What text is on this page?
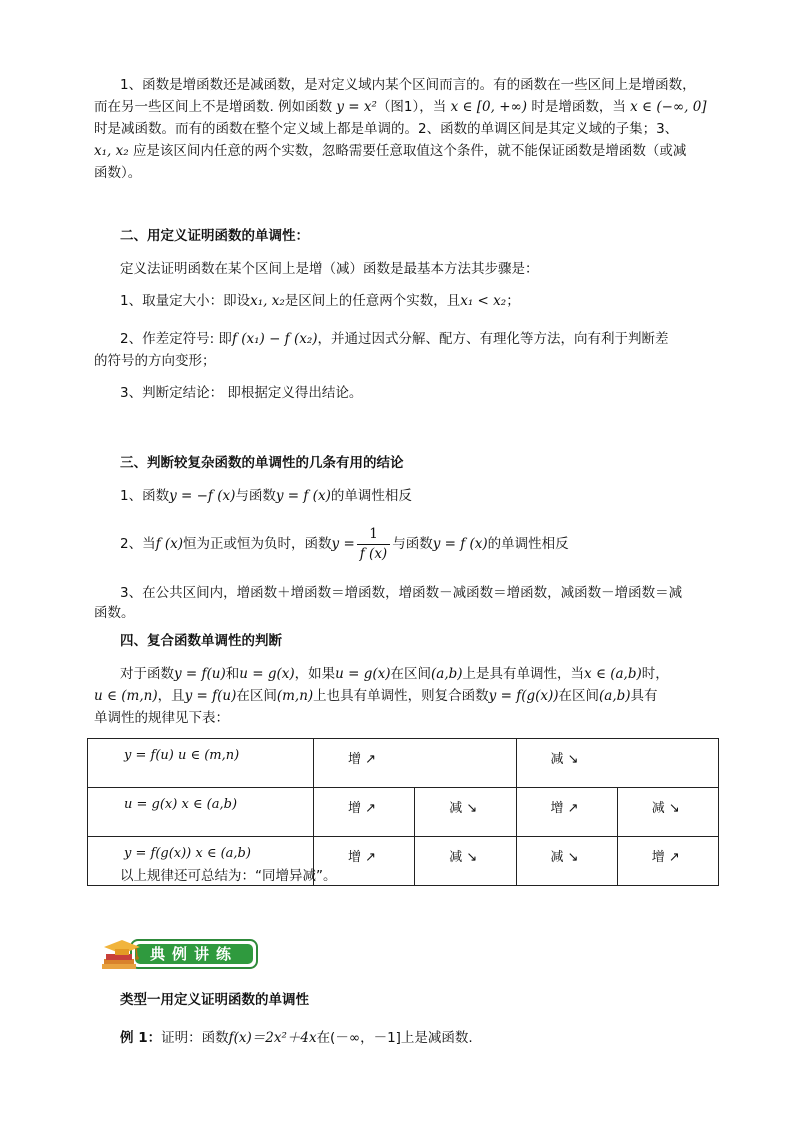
1、函数是增函数还是减函数，是对定义域内某个区间而言的。有的函数在一些区间上是增函数，

而在另一些区间上不是增函数. 例如函数 y = x²（图1），当 x ∈ [0, +∞) 时是增函数，当 x ∈ (−∞, 0]

时是减函数。而有的函数在整个定义域上都是单调的。2、函数的单调区间是其定义域的子集；3、

x₁, x₂ 应是该区间内任意的两个实数，忽略需要任意取值这个条件，就不能保证函数是增函数（或减

函数）。

二、用定义证明函数的单调性：

定义法证明函数在某个区间上是增（减）函数是最基本方法其步骤是：

1、取量定大小：即设x₁, x₂是区间上的任意两个实数，且x₁ < x₂；

2、作差定符号: 即f (x₁) − f (x₂)，并通过因式分解、配方、有理化等方法，向有利于判断差

的符号的方向变形；

3、判断定结论： 即根据定义得出结论。

三、判断较复杂函数的单调性的几条有用的结论

1、函数y = −f (x)与函数y = f (x)的单调性相反

2、当f (x)恒为正或恒为负时，函数$y = \frac{1}{f (x)}$ 与函数y = f (x)的单调性相反

3、在公共区间内，增函数＋增函数＝增函数，增函数－减函数＝增函数，减函数－增函数＝减

函数。

四、复合函数单调性的判断

对于函数y = f(u)和u = g(x)，如果u = g(x)在区间(a,b)上是具有单调性，当x ∈ (a,b)时，

u ∈ (m,n)，且y = f(u)在区间(m,n)上也具有单调性，则复合函数y = f(g(x))在区间(a,b)具有

单调性的规律见下表：

y = f(u) u ∈ (m,n)	增 ↗		减 ↘	
u = g(x) x ∈ (a,b)	增 ↗	减 ↘	增 ↗	减 ↘
y = f(g(x)) x ∈ (a,b)	增 ↗	减 ↘	减 ↘	增 ↗

以上规律还可总结为：“同增异减”。

典例讲练

类型一用定义证明函数的单调性

例 1：证明：函数f(x)＝2x²＋4x在(－∞，－1]上是减函数.
